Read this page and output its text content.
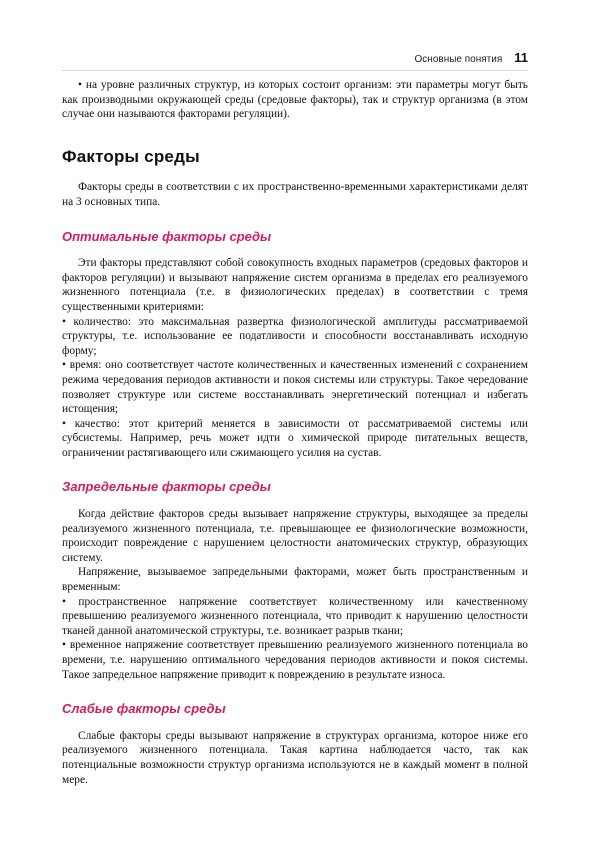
Основные понятия 11

• на уровне различных структур, из которых состоит организм: эти параметры могут быть как производными окружающей среды (средовые факторы), так и структур организма (в этом случае они называются факторами регуляции).

Факторы среды

Факторы среды в соответствии с их пространственно-временными характеристиками делят на 3 основных типа.

Оптимальные факторы среды

Эти факторы представляют собой совокупность входных параметров (средовых факторов и факторов регуляции) и вызывают напряжение систем организма в пределах его реализуемого жизненного потенциала (т.е. в физиологических пределах) в соответствии с тремя существенными критериями:

• количество: это максимальная развертка физиологической амплитуды рассматриваемой структуры, т.е. использование ее податливости и способности восстанавливать исходную форму;

• время: оно соответствует частоте количественных и качественных изменений с сохранением режима чередования периодов активности и покоя системы или структуры. Такое чередование позволяет структуре или системе восстанавливать энергетический потенциал и избегать истощения;

• качество: этот критерий меняется в зависимости от рассматриваемой системы или субсистемы. Например, речь может идти о химической природе питательных веществ, ограничении растягивающего или сжимающего усилия на сустав.

Запредельные факторы среды

Когда действие факторов среды вызывает напряжение структуры, выходящее за пределы реализуемого жизненного потенциала, т.е. превышающее ее физиологические возможности, происходит повреждение с нарушением целостности анатомических структур, образующих систему.

Напряжение, вызываемое запредельными факторами, может быть пространственным и временным:

• пространственное напряжение соответствует количественному или качественному превышению реализуемого жизненного потенциала, что приводит к нарушению целостности тканей данной анатомической структуры, т.е. возникает разрыв ткани;

• временное напряжение соответствует превышению реализуемого жизненного потенциала во времени, т.е. нарушению оптимального чередования периодов активности и покоя системы. Такое запредельное напряжение приводит к повреждению в результате износа.

Слабые факторы среды

Слабые факторы среды вызывают напряжение в структурах организма, которое ниже его реализуемого жизненного потенциала. Такая картина наблюдается часто, так как потенциальные возможности структур организма используются не в каждый момент в полной мере.
